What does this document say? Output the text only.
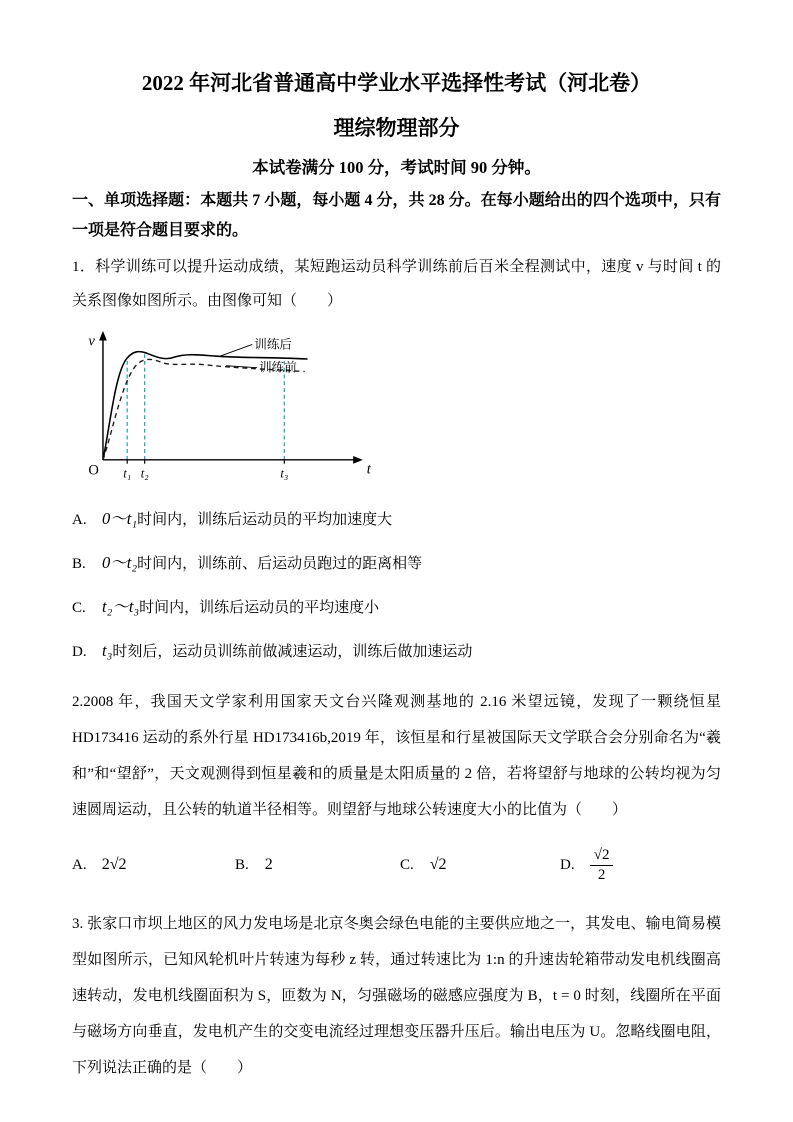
2022 年河北省普通高中学业水平选择性考试（河北卷）
理综物理部分
本试卷满分 100 分，考试时间 90 分钟。
一、单项选择题：本题共 7 小题，每小题 4 分，共 28 分。在每小题给出的四个选项中，只有一项是符合题目要求的。
1．科学训练可以提升运动成绩，某短跑运动员科学训练前后百米全程测试中，速度 v 与时间 t 的关系图像如图所示。由图像可知（　　）
v
t
O t₁ t₂	t₃
训练后
训练前
A. 0～t₁时间内，训练后运动员的平均加速度大
B. 0～t₂时间内，训练前、后运动员跑过的距离相等
C. t₂～t₃时间内，训练后运动员的平均速度小
D. t₃时刻后，运动员训练前做减速运动，训练后做加速运动
2.2008 年，我国天文学家利用国家天文台兴隆观测基地的 2.16 米望远镜，发现了一颗绕恒星 HD173416 运动的系外行星 HD173416b,2019 年，该恒星和行星被国际天文学联合会分别命名为“羲和”和“望舒”，天文观测得到恒星羲和的质量是太阳质量的 2 倍，若将望舒与地球的公转均视为匀速圆周运动，且公转的轨道半径相等。则望舒与地球公转速度大小的比值为（　　）
A. 2√2	B. 2	C. √2	D. $\frac{√2}{2}$
3. 张家口市坝上地区的风力发电场是北京冬奥会绿色电能的主要供应地之一，其发电、输电简易模型如图所示，已知风轮机叶片转速为每秒 z 转，通过转速比为 1:n 的升速齿轮箱带动发电机线圈高速转动，发电机线圈面积为 S，匝数为 N，匀强磁场的磁感应强度为 B，t = 0 时刻，线圈所在平面与磁场方向垂直，发电机产生的交变电流经过理想变压器升压后。输出电压为 U。忽略线圈电阻，下列说法正确的是（　　）
